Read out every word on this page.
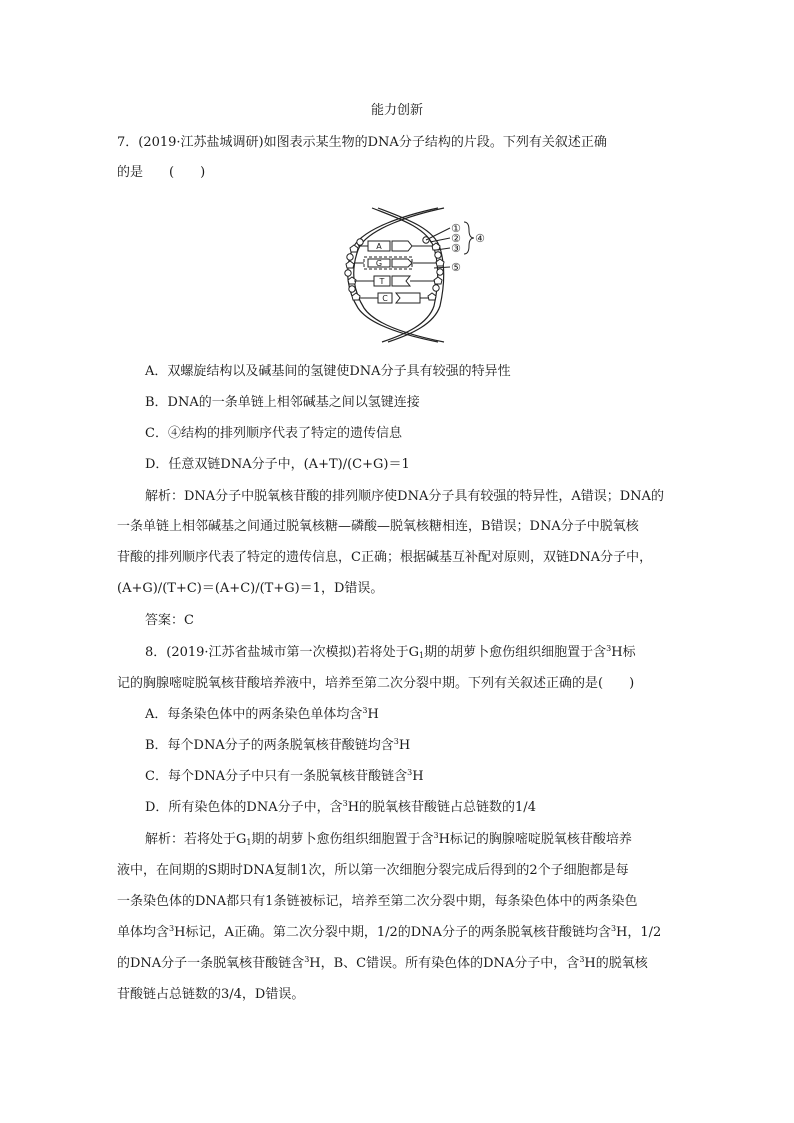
能力创新
7．(2019·江苏盐城调研)如图表示某生物的DNA分子结构的片段。下列有关叙述正确
的是　　(　　)
A
G
T
C
①
②
③
④
⑤
A．双螺旋结构以及碱基间的氢键使DNA分子具有较强的特异性
B．DNA的一条单链上相邻碱基之间以氢键连接
C．④结构的排列顺序代表了特定的遗传信息
D．任意双链DNA分子中，(A+T)/(C+G)＝1
解析：DNA分子中脱氧核苷酸的排列顺序使DNA分子具有较强的特异性，A错误；DNA的
一条单链上相邻碱基之间通过脱氧核糖—磷酸—脱氧核糖相连，B错误；DNA分子中脱氧核
苷酸的排列顺序代表了特定的遗传信息，C正确；根据碱基互补配对原则，双链DNA分子中，
(A+G)/(T+C)＝(A+C)/(T+G)＝1，D错误。
答案：C
8．(2019·江苏省盐城市第一次模拟)若将处于$G_1$期的胡萝卜愈伤组织细胞置于含$^3$H标
记的胸腺嘧啶脱氧核苷酸培养液中，培养至第二次分裂中期。下列有关叙述正确的是(　　)
A．每条染色体中的两条染色单体均含$^3$H
B．每个DNA分子的两条脱氧核苷酸链均含$^3$H
C．每个DNA分子中只有一条脱氧核苷酸链含$^3$H
D．所有染色体的DNA分子中，含$^3$H的脱氧核苷酸链占总链数的1/4
解析：若将处于$G_1$期的胡萝卜愈伤组织细胞置于含$^3$H标记的胸腺嘧啶脱氧核苷酸培养
液中，在间期的S期时DNA复制1次，所以第一次细胞分裂完成后得到的2个子细胞都是每
一条染色体的DNA都只有1条链被标记，培养至第二次分裂中期，每条染色体中的两条染色
单体均含$^3$H标记，A正确。第二次分裂中期，1/2的DNA分子的两条脱氧核苷酸链均含$^3$H，1/2
的DNA分子一条脱氧核苷酸链含$^3$H，B、C错误。所有染色体的DNA分子中，含$^3$H的脱氧核
苷酸链占总链数的3/4，D错误。
